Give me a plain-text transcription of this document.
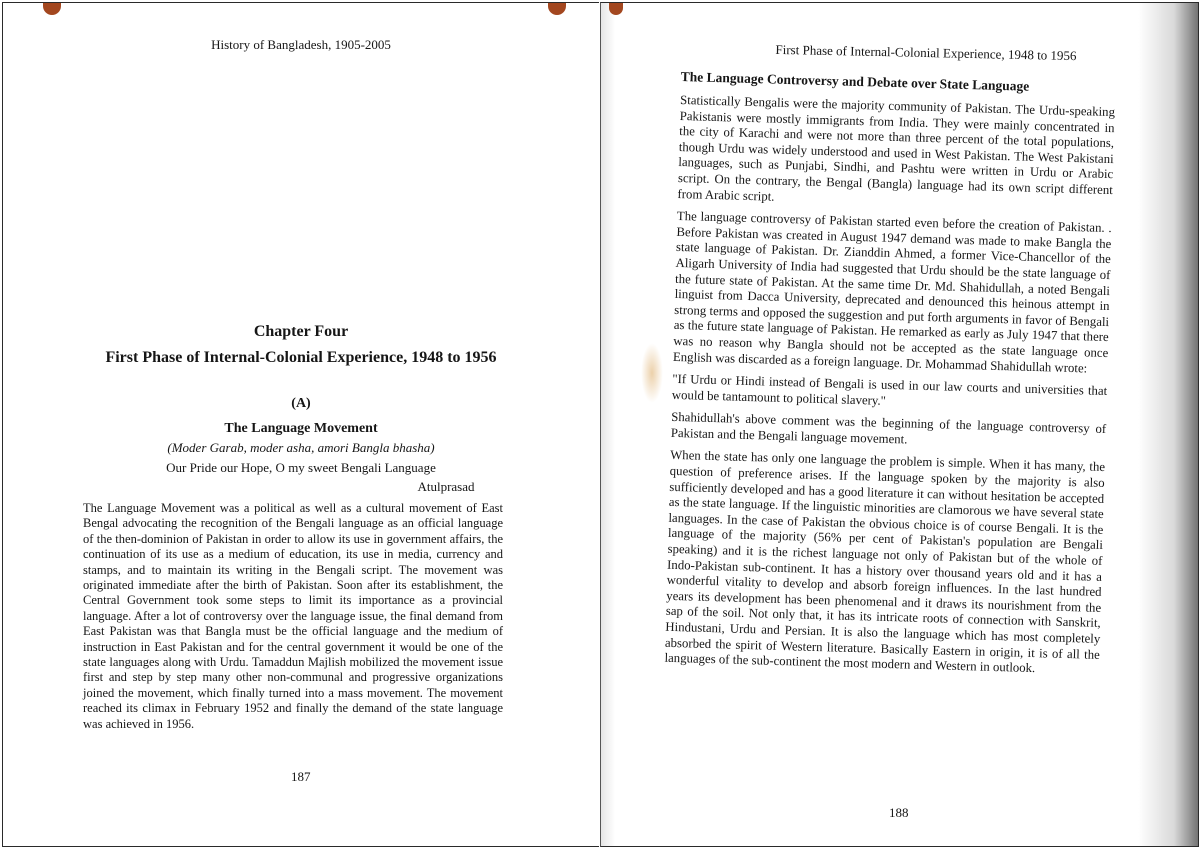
History of Bangladesh, 1905-2005
Chapter Four
First Phase of Internal-Colonial Experience, 1948 to 1956
(A)
The Language Movement
(Moder Garab, moder asha, amori Bangla bhasha)
Our Pride our Hope, O my sweet Bengali Language
Atulprasad
The Language Movement was a political as well as a cultural movement of East Bengal advocating the recognition of the Bengali language as an official language of the then-dominion of Pakistan in order to allow its use in government affairs, the continuation of its use as a medium of education, its use in media, currency and stamps, and to maintain its writing in the Bengali script. The movement was originated immediate after the birth of Pakistan. Soon after its establishment, the Central Government took some steps to limit its importance as a provincial language. After a lot of controversy over the language issue, the final demand from East Pakistan was that Bangla must be the official language and the medium of instruction in East Pakistan and for the central government it would be one of the state languages along with Urdu. Tamaddun Majlish mobilized the movement issue first and step by step many other non-communal and progressive organizations joined the movement, which finally turned into a mass movement. The movement reached its climax in February 1952 and finally the demand of the state language was achieved in 1956.
187
First Phase of Internal-Colonial Experience, 1948 to 1956
The Language Controversy and Debate over State Language

Statistically Bengalis were the majority community of Pakistan. The Urdu-speaking Pakistanis were mostly immigrants from India. They were mainly concentrated in the city of Karachi and were not more than three percent of the total populations, though Urdu was widely understood and used in West Pakistan. The West Pakistani languages, such as Punjabi, Sindhi, and Pashtu were written in Urdu or Arabic script. On the contrary, the Bengal (Bangla) language had its own script different from Arabic script.

The language controversy of Pakistan started even before the creation of Pakistan. . Before Pakistan was created in August 1947 demand was made to make Bangla the state language of Pakistan. Dr. Zianddin Ahmed, a former Vice-Chancellor of the Aligarh University of India had suggested that Urdu should be the state language of the future state of Pakistan. At the same time Dr. Md. Shahidullah, a noted Bengali linguist from Dacca University, deprecated and denounced this heinous attempt in strong terms and opposed the suggestion and put forth arguments in favor of Bengali as the future state language of Pakistan. He remarked as early as July 1947 that there was no reason why Bangla should not be accepted as the state language once English was discarded as a foreign language. Dr. Mohammad Shahidullah wrote:

"If Urdu or Hindi instead of Bengali is used in our law courts and universities that would be tantamount to political slavery."

Shahidullah's above comment was the beginning of the language controversy of Pakistan and the Bengali language movement.

When the state has only one language the problem is simple. When it has many, the question of preference arises. If the language spoken by the majority is also sufficiently developed and has a good literature it can without hesitation be accepted as the state language. If the linguistic minorities are clamorous we have several state languages. In the case of Pakistan the obvious choice is of course Bengali. It is the language of the majority (56% per cent of Pakistan's population are Bengali speaking) and it is the richest language not only of Pakistan but of the whole of Indo-Pakistan sub-continent. It has a history over thousand years old and it has a wonderful vitality to develop and absorb foreign influences. In the last hundred years its development has been phenomenal and it draws its nourishment from the sap of the soil. Not only that, it has its intricate roots of connection with Sanskrit, Hindustani, Urdu and Persian. It is also the language which has most completely absorbed the spirit of Western literature. Basically Eastern in origin, it is of all the languages of the sub-continent the most modern and Western in outlook.

188
